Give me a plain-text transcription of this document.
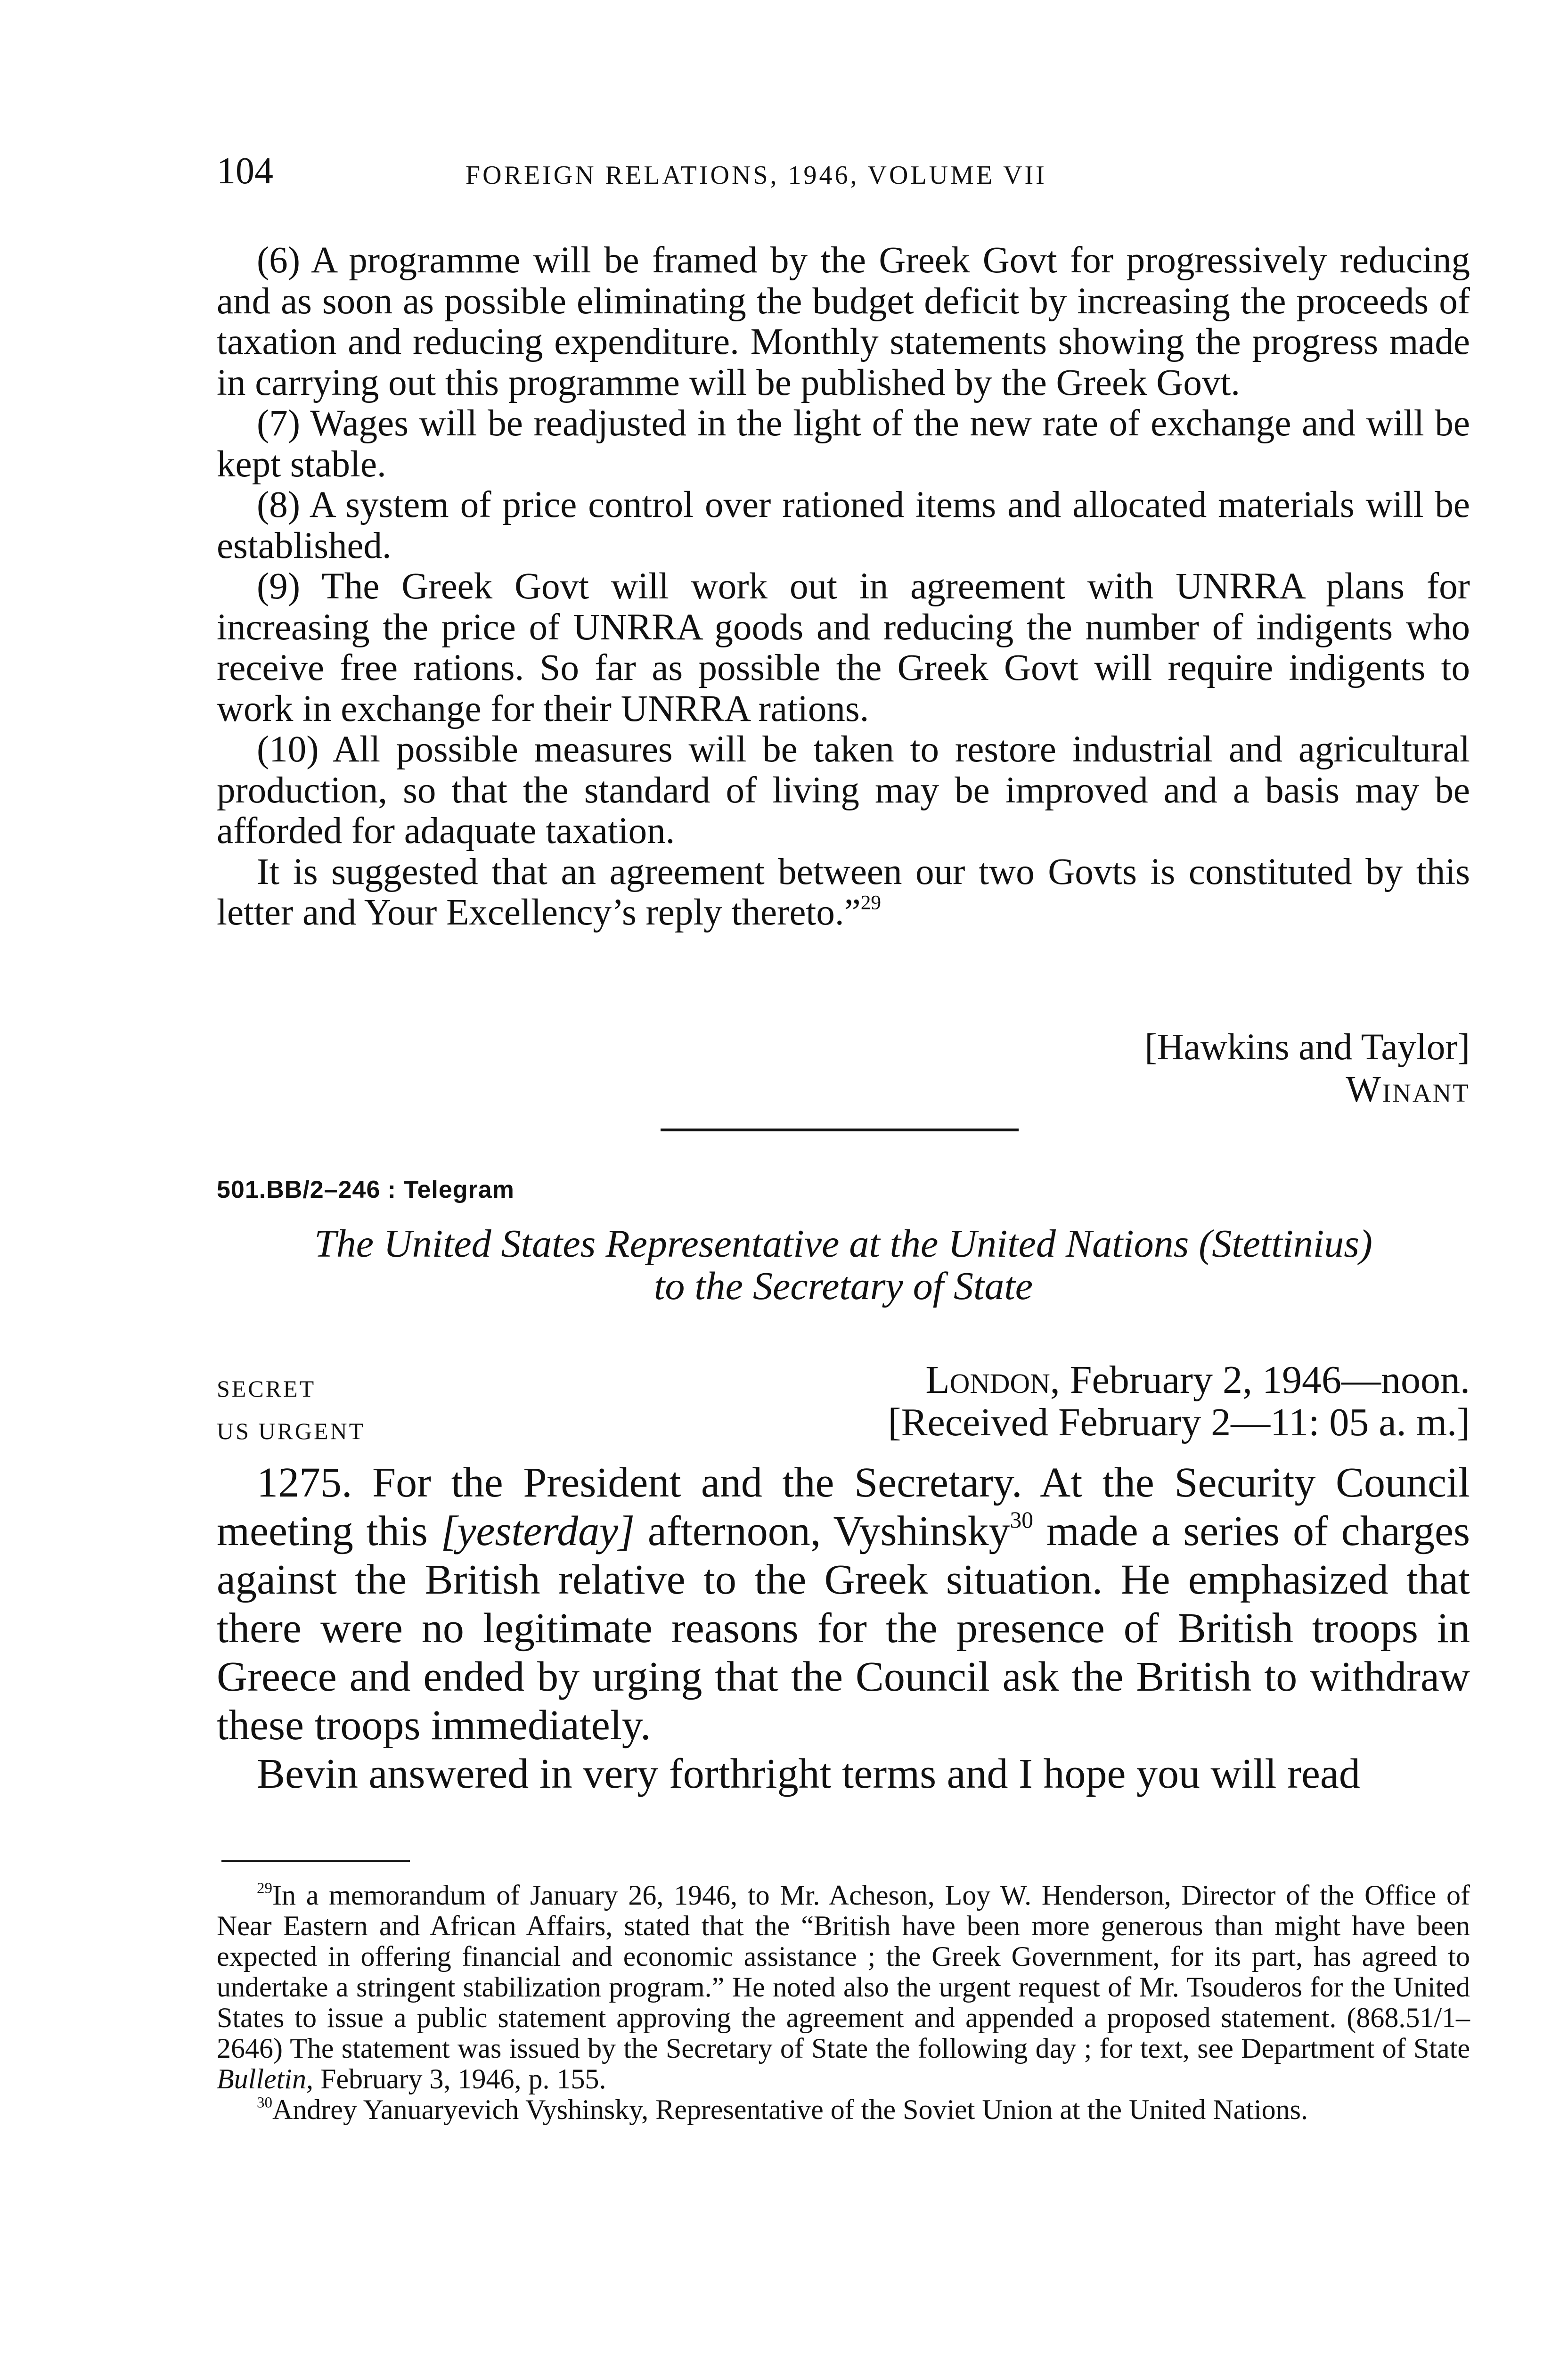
104	FOREIGN RELATIONS, 1946, VOLUME VII

(6) A programme will be framed by the Greek Govt for progressively reducing and as soon as possible eliminating the budget deficit by increasing the proceeds of taxation and reducing expenditure. Monthly statements showing the progress made in carrying out this programme will be published by the Greek Govt.

(7) Wages will be readjusted in the light of the new rate of exchange and will be kept stable.

(8) A system of price control over rationed items and allocated materials will be established.

(9) The Greek Govt will work out in agreement with UNRRA plans for increasing the price of UNRRA goods and reducing the number of indigents who receive free rations. So far as possible the Greek Govt will require indigents to work in exchange for their UNRRA rations.

(10) All possible measures will be taken to restore industrial and agricultural production, so that the standard of living may be improved and a basis may be afforded for adaquate taxation.

It is suggested that an agreement between our two Govts is constituted by this letter and Your Excellency’s reply thereto.”$^{29}$

[Hawkins and Taylor]
Winant
501.BB/2–246 : Telegram
The United States Representative at the United Nations (Stettinius)
to the Secretary of State
SECRET
US URGENT
London, February 2, 1946—noon.
[Received February 2—11: 05 a. m.]

1275. For the President and the Secretary. At the Security Council meeting this [yesterday] afternoon, Vyshinsky$^{30}$ made a series of charges against the British relative to the Greek situation. He emphasized that there were no legitimate reasons for the presence of British troops in Greece and ended by urging that the Council ask the British to withdraw these troops immediately.

Bevin answered in very forthright terms and I hope you will read

$^{29}$In a memorandum of January 26, 1946, to Mr. Acheson, Loy W. Henderson, Director of the Office of Near Eastern and African Affairs, stated that the “British have been more generous than might have been expected in offering financial and economic assistance ; the Greek Government, for its part, has agreed to undertake a stringent stabilization program.” He noted also the urgent request of Mr. Tsouderos for the United States to issue a public statement approving the agreement and appended a proposed statement. (868.51/1–2646) The statement was issued by the Secretary of State the following day ; for text, see Department of State Bulletin, February 3, 1946, p. 155.

$^{30}$Andrey Yanuaryevich Vyshinsky, Representative of the Soviet Union at the United Nations.
